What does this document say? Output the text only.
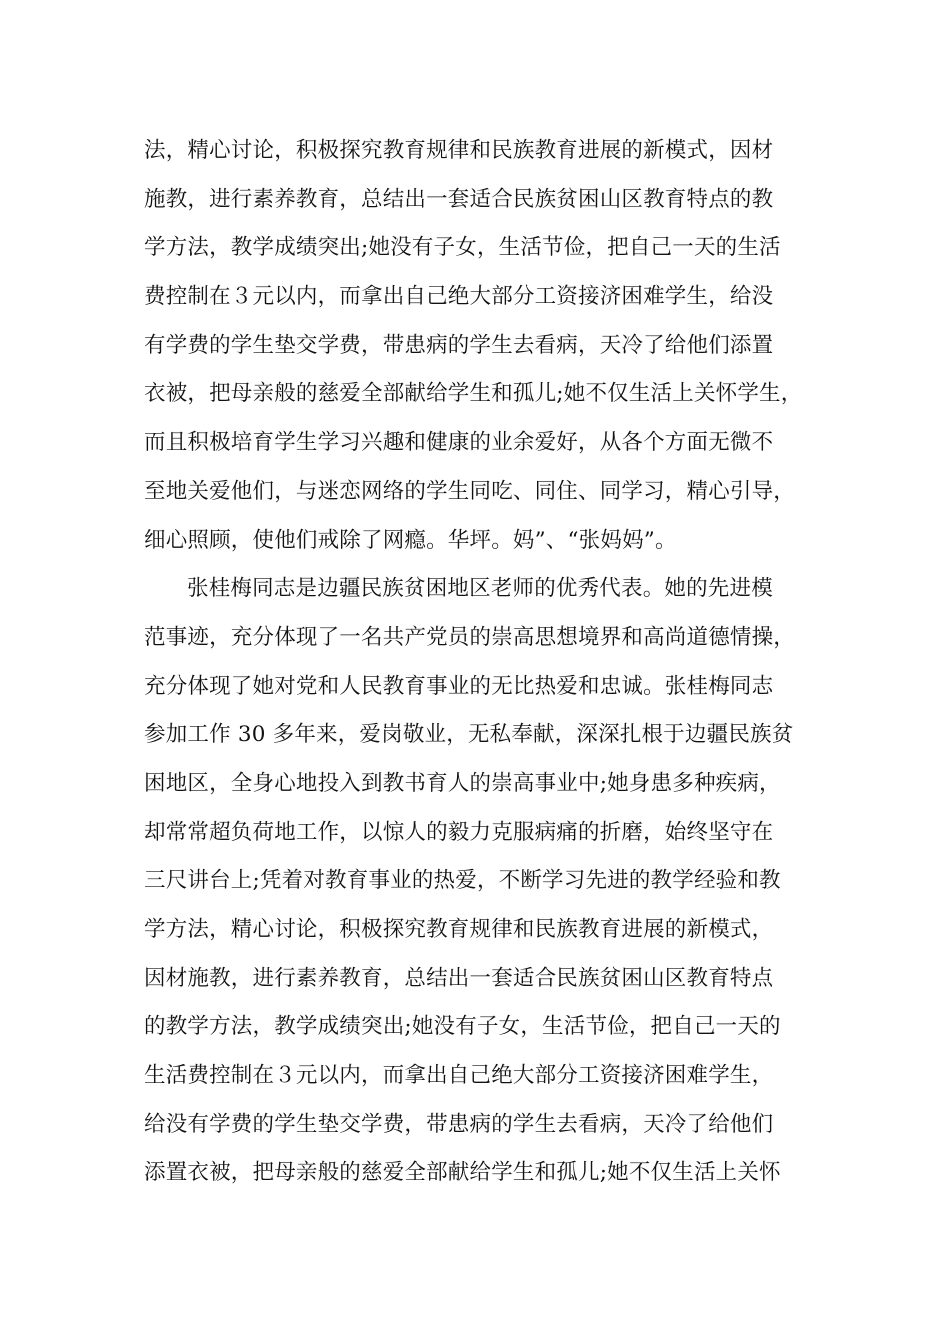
法，精心讨论，积极探究教育规律和民族教育进展的新模式，因材
施教，进行素养教育，总结出一套适合民族贫困山区教育特点的教
学方法，教学成绩突出;她没有子女，生活节俭，把自己一天的生活
费控制在３元以内，而拿出自己绝大部分工资接济困难学生，给没
有学费的学生垫交学费，带患病的学生去看病，天冷了给他们添置
衣被，把母亲般的慈爱全部献给学生和孤儿;她不仅生活上关怀学生，
而且积极培育学生学习兴趣和健康的业余爱好，从各个方面无微不
至地关爱他们，与迷恋网络的学生同吃、同住、同学习，精心引导，
细心照顾，使他们戒除了网瘾。华坪。妈”、“张妈妈”。
张桂梅同志是边疆民族贫困地区老师的优秀代表。她的先进模
范事迹，充分体现了一名共产党员的崇高思想境界和高尚道德情操，
充分体现了她对党和人民教育事业的无比热爱和忠诚。张桂梅同志
参加工作 30 多年来，爱岗敬业，无私奉献，深深扎根于边疆民族贫
困地区，全身心地投入到教书育人的崇高事业中;她身患多种疾病，
却常常超负荷地工作，以惊人的毅力克服病痛的折磨，始终坚守在
三尺讲台上;凭着对教育事业的热爱，不断学习先进的教学经验和教
学方法，精心讨论，积极探究教育规律和民族教育进展的新模式，
因材施教，进行素养教育，总结出一套适合民族贫困山区教育特点
的教学方法，教学成绩突出;她没有子女，生活节俭，把自己一天的
生活费控制在３元以内，而拿出自己绝大部分工资接济困难学生，
给没有学费的学生垫交学费，带患病的学生去看病，天冷了给他们
添置衣被，把母亲般的慈爱全部献给学生和孤儿;她不仅生活上关怀
